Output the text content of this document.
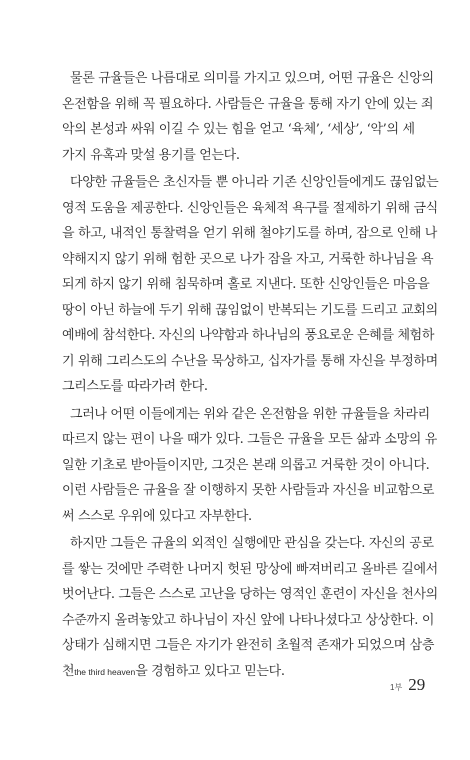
물론 규율들은 나름대로 의미를 가지고 있으며, 어떤 규율은 신앙의
온전함을 위해 꼭 필요하다. 사람들은 규율을 통해 자기 안에 있는 죄
악의 본성과 싸워 이길 수 있는 힘을 얻고 ‘육체’, ‘세상’, ‘악’의 세
가지 유혹과 맞설 용기를 얻는다.
다양한 규율들은 초신자들 뿐 아니라 기존 신앙인들에게도 끊임없는
영적 도움을 제공한다. 신앙인들은 육체적 욕구를 절제하기 위해 금식
을 하고, 내적인 통찰력을 얻기 위해 철야기도를 하며, 잠으로 인해 나
약해지지 않기 위해 험한 곳으로 나가 잠을 자고, 거룩한 하나님을 욕
되게 하지 않기 위해 침묵하며 홀로 지낸다. 또한 신앙인들은 마음을
땅이 아닌 하늘에 두기 위해 끊임없이 반복되는 기도를 드리고 교회의
예배에 참석한다. 자신의 나약함과 하나님의 풍요로운 은혜를 체험하
기 위해 그리스도의 수난을 묵상하고, 십자가를 통해 자신을 부정하며
그리스도를 따라가려 한다.
그러나 어떤 이들에게는 위와 같은 온전함을 위한 규율들을 차라리
따르지 않는 편이 나을 때가 있다. 그들은 규율을 모든 삶과 소망의 유
일한 기초로 받아들이지만, 그것은 본래 의롭고 거룩한 것이 아니다.
이런 사람들은 규율을 잘 이행하지 못한 사람들과 자신을 비교함으로
써 스스로 우위에 있다고 자부한다.
하지만 그들은 규율의 외적인 실행에만 관심을 갖는다. 자신의 공로
를 쌓는 것에만 주력한 나머지 헛된 망상에 빠져버리고 올바른 길에서
벗어난다. 그들은 스스로 고난을 당하는 영적인 훈련이 자신을 천사의
수준까지 올려놓았고 하나님이 자신 앞에 나타나셨다고 상상한다. 이
상태가 심해지면 그들은 자기가 완전히 초월적 존재가 되었으며 삼층
천the third heaven을 경험하고 있다고 믿는다.
1부 29
